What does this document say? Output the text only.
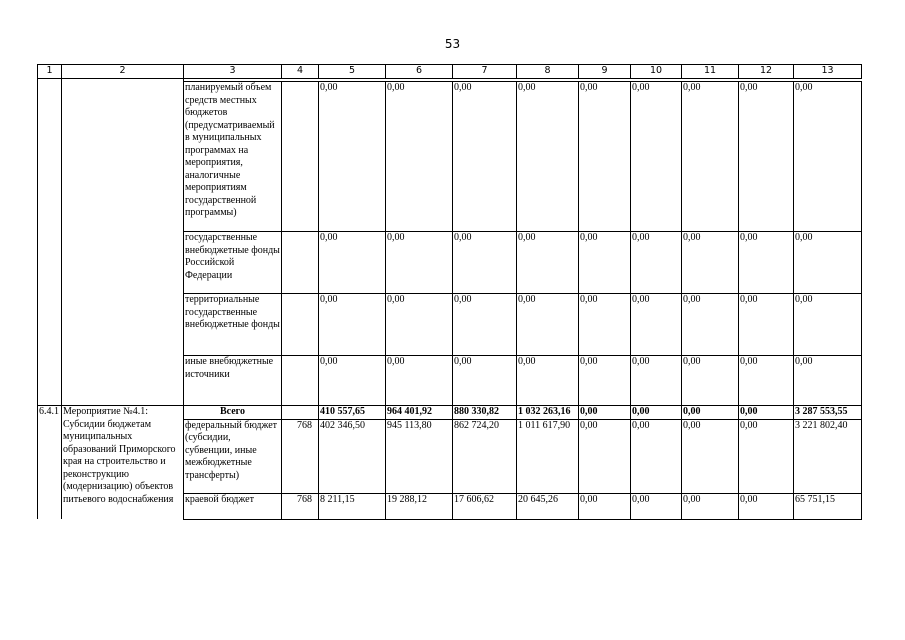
53
1	2	3	4	5	6	7	8	9	10	11	12	13

		планируемый объем средств местных бюджетов (предусматриваемый в муниципальных программах на мероприятия, аналогичные мероприятиям государственной программы)		0,00	0,00	0,00	0,00	0,00	0,00	0,00	0,00	0,00
		государственные внебюджетные фонды Российской Федерации		0,00	0,00	0,00	0,00	0,00	0,00	0,00	0,00	0,00
		территориальные государственные внебюджетные фонды		0,00	0,00	0,00	0,00	0,00	0,00	0,00	0,00	0,00
		иные внебюджетные источники		0,00	0,00	0,00	0,00	0,00	0,00	0,00	0,00	0,00
6.4.1	Мероприятие №4.1: Субсидии бюджетам муниципальных образований Приморского края на строительство и реконструкцию (модернизацию) объектов питьевого водоснабжения	Всего		410 557,65	964 401,92	880 330,82	1 032 263,16	0,00	0,00	0,00	0,00	3 287 553,55
		федеральный бюджет (субсидии, субвенции, иные межбюджетные трансферты)	768	402 346,50	945 113,80	862 724,20	1 011 617,90	0,00	0,00	0,00	0,00	3 221 802,40
		краевой бюджет	768	8 211,15	19 288,12	17 606,62	20 645,26	0,00	0,00	0,00	0,00	65 751,15
